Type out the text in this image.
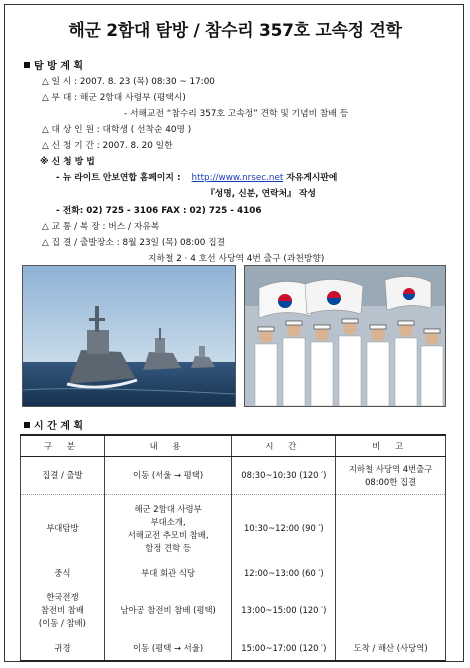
해군 2함대 탐방 / 참수리 357호 고속정 견학
탐 방 계 획
△ 일 시 : 2007. 8. 23 (목) 08:30 ~ 17:00
△ 부 대 : 해군 2함대 사령부 (평택시)
- 서해교전 “참수리 357호 고속정” 견학 및 기념비 참배 등
△ 대 상 인 원 : 대학생 ( 선착순 40명 )
△ 신 청 기 간 : 2007. 8. 20 일한
※ 신 청 방 법
- 뉴 라이트 안보연합 홈페이지 : http://www.nrsec.net 자유게시판에
『성명, 신분, 연락처』 작성
- 전화: 02) 725 - 3106 FAX : 02) 725 - 4106
△ 교 통 / 복 장 : 버스 / 자유복
△ 집 결 / 출발장소 : 8월 23일 (목) 08:00 집결
지하철 2 · 4 호선 사당역 4번 출구 (과천방향)
시 간 계 획
구 분	내 용	시 간	비 고
집결 / 출발	이동 (서울 → 평택)	08:30~10:30 (120 ′)	지하철 사당역 4번출구
08:00한 집결
부대탐방	해군 2함대 사령부
부대소개,
서해교전 추모비 참배,
함정 견학 등	10:30~12:00 (90 ′)	
중식	부대 회관 식당	12:00~13:00 (60 ′)	
한국전쟁
참전비 참배
(이동 / 참배)	남아공 참전비 참배 (평택)	13:00~15:00 (120 ′)	
귀경	이동 (평택 → 서울)	15:00~17:00 (120 ′)	도착 / 해산 (사당역)
